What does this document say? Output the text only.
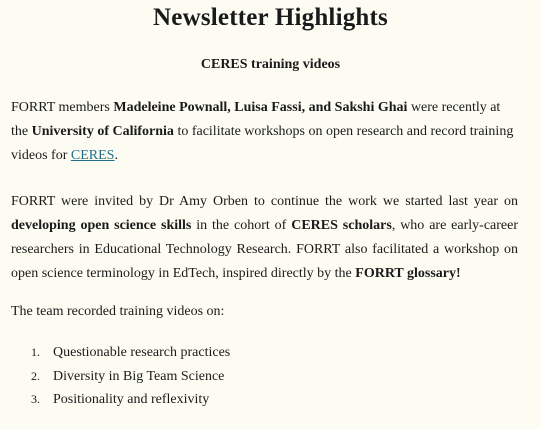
Newsletter Highlights
CERES training videos

FORRT members Madeleine Pownall, Luisa Fassi, and Sakshi Ghai were recently at the University of California to facilitate workshops on open research and record training videos for CERES.

FORRT were invited by Dr Amy Orben to continue the work we started last year on developing open science skills in the cohort of CERES scholars, who are early-career researchers in Educational Technology Research. FORRT also facilitated a workshop on open science terminology in EdTech, inspired directly by the FORRT glossary!

The team recorded training videos on:

1. Questionable research practices
2. Diversity in Big Team Science
3. Positionality and reflexivity
